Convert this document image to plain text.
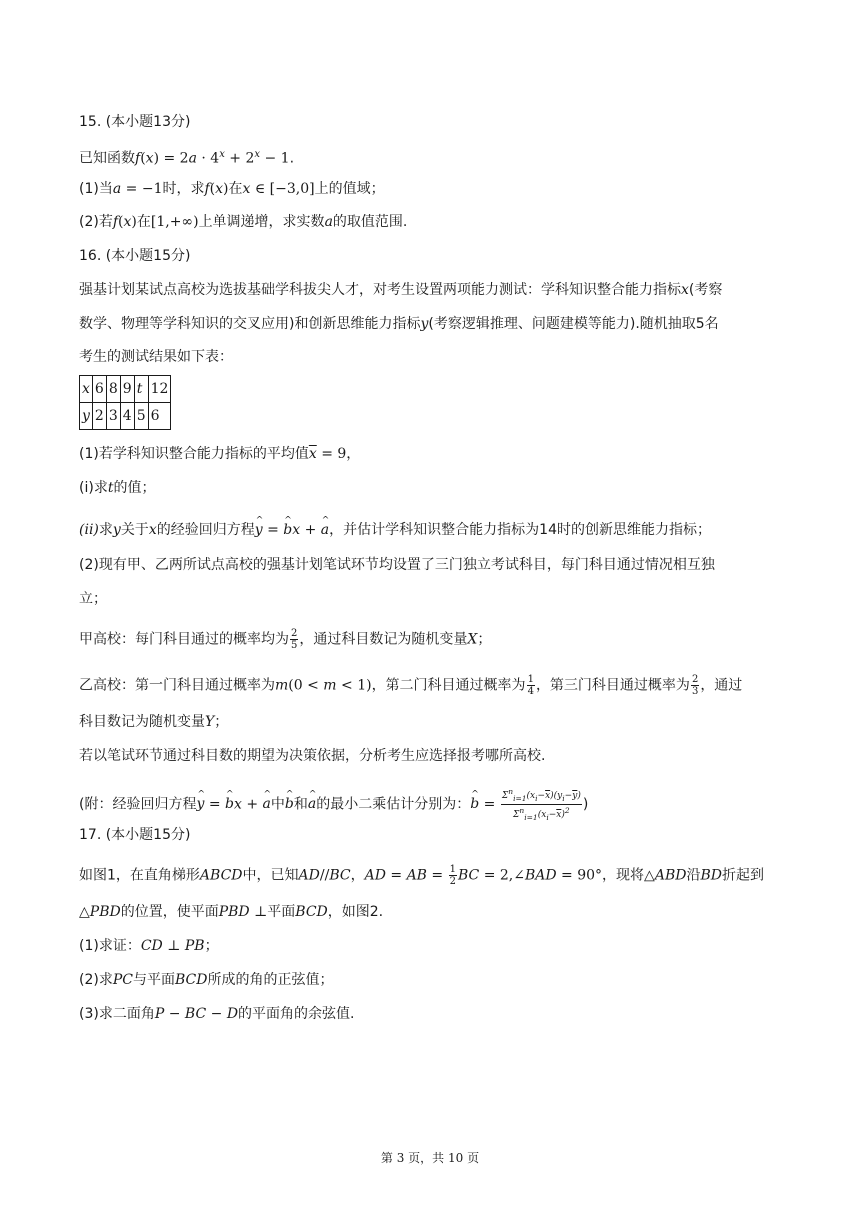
15. (本小题13分)
已知函数$f(x) = 2a \cdot 4^x + 2^x - 1$.
(1)当a = −1时，求f(x)在x ∈ [−3,0]上的值域；
(2)若f(x)在[1,+∞)上单调递增，求实数a的取值范围.
16. (本小题15分)
强基计划某试点高校为选拔基础学科拔尖人才，对考生设置两项能力测试：学科知识整合能力指标x(考察
数学、物理等学科知识的交叉应用)和创新思维能力指标y(考察逻辑推理、问题建模等能力).随机抽取5名
考生的测试结果如下表：
x	6	8	9	t	12
y	2	3	4	5	6
(1)若学科知识整合能力指标的平均值$\overline{x} = 9$，
(ⅰ)求t的值；
(ii)求y关于x的经验回归方程^ y = ^ bx + ^ a，并估计学科知识整合能力指标为14时的创新思维能力指标；
(2)现有甲、乙两所试点高校的强基计划笔试环节均设置了三门独立考试科目，每门科目通过情况相互独
立；
甲高校：每门科目通过的概率均为 $\frac{2}{5}$ ，通过科目数记为随机变量X；
乙高校：第一门科目通过概率为m(0 < m < 1)，第二门科目通过概率为 $\frac{1}{4}$ ，第三门科目通过概率为 $\frac{2}{3}$ ，通过
科目数记为随机变量Y；
若以笔试环节通过科目数的期望为决策依据，分析考生应选择报考哪所高校.
(附：经验回归方程^ y = ^ bx + ^ a中^ b和^ a的最小二乘估计分别为：^ $b = \frac{\Sigma^n_{i=1}(x_i-\overline{x})(y_i-\overline{y})}{\Sigma^n_{i=1}(x_i-\overline{x})^2}$ )
17. (本小题15分)
如图1，在直角梯形ABCD中，已知AD//BC，AD = AB = $\frac{1}{2}$ BC = 2,∠BAD = 90°，现将△ABD沿BD折起到
△PBD的位置，使平面PBD ⊥平面BCD，如图2.
(1)求证：CD ⊥ PB；
(2)求PC与平面BCD所成的角的正弦值；
(3)求二面角P − BC − D的平面角的余弦值.
第 3 页，共 10 页
